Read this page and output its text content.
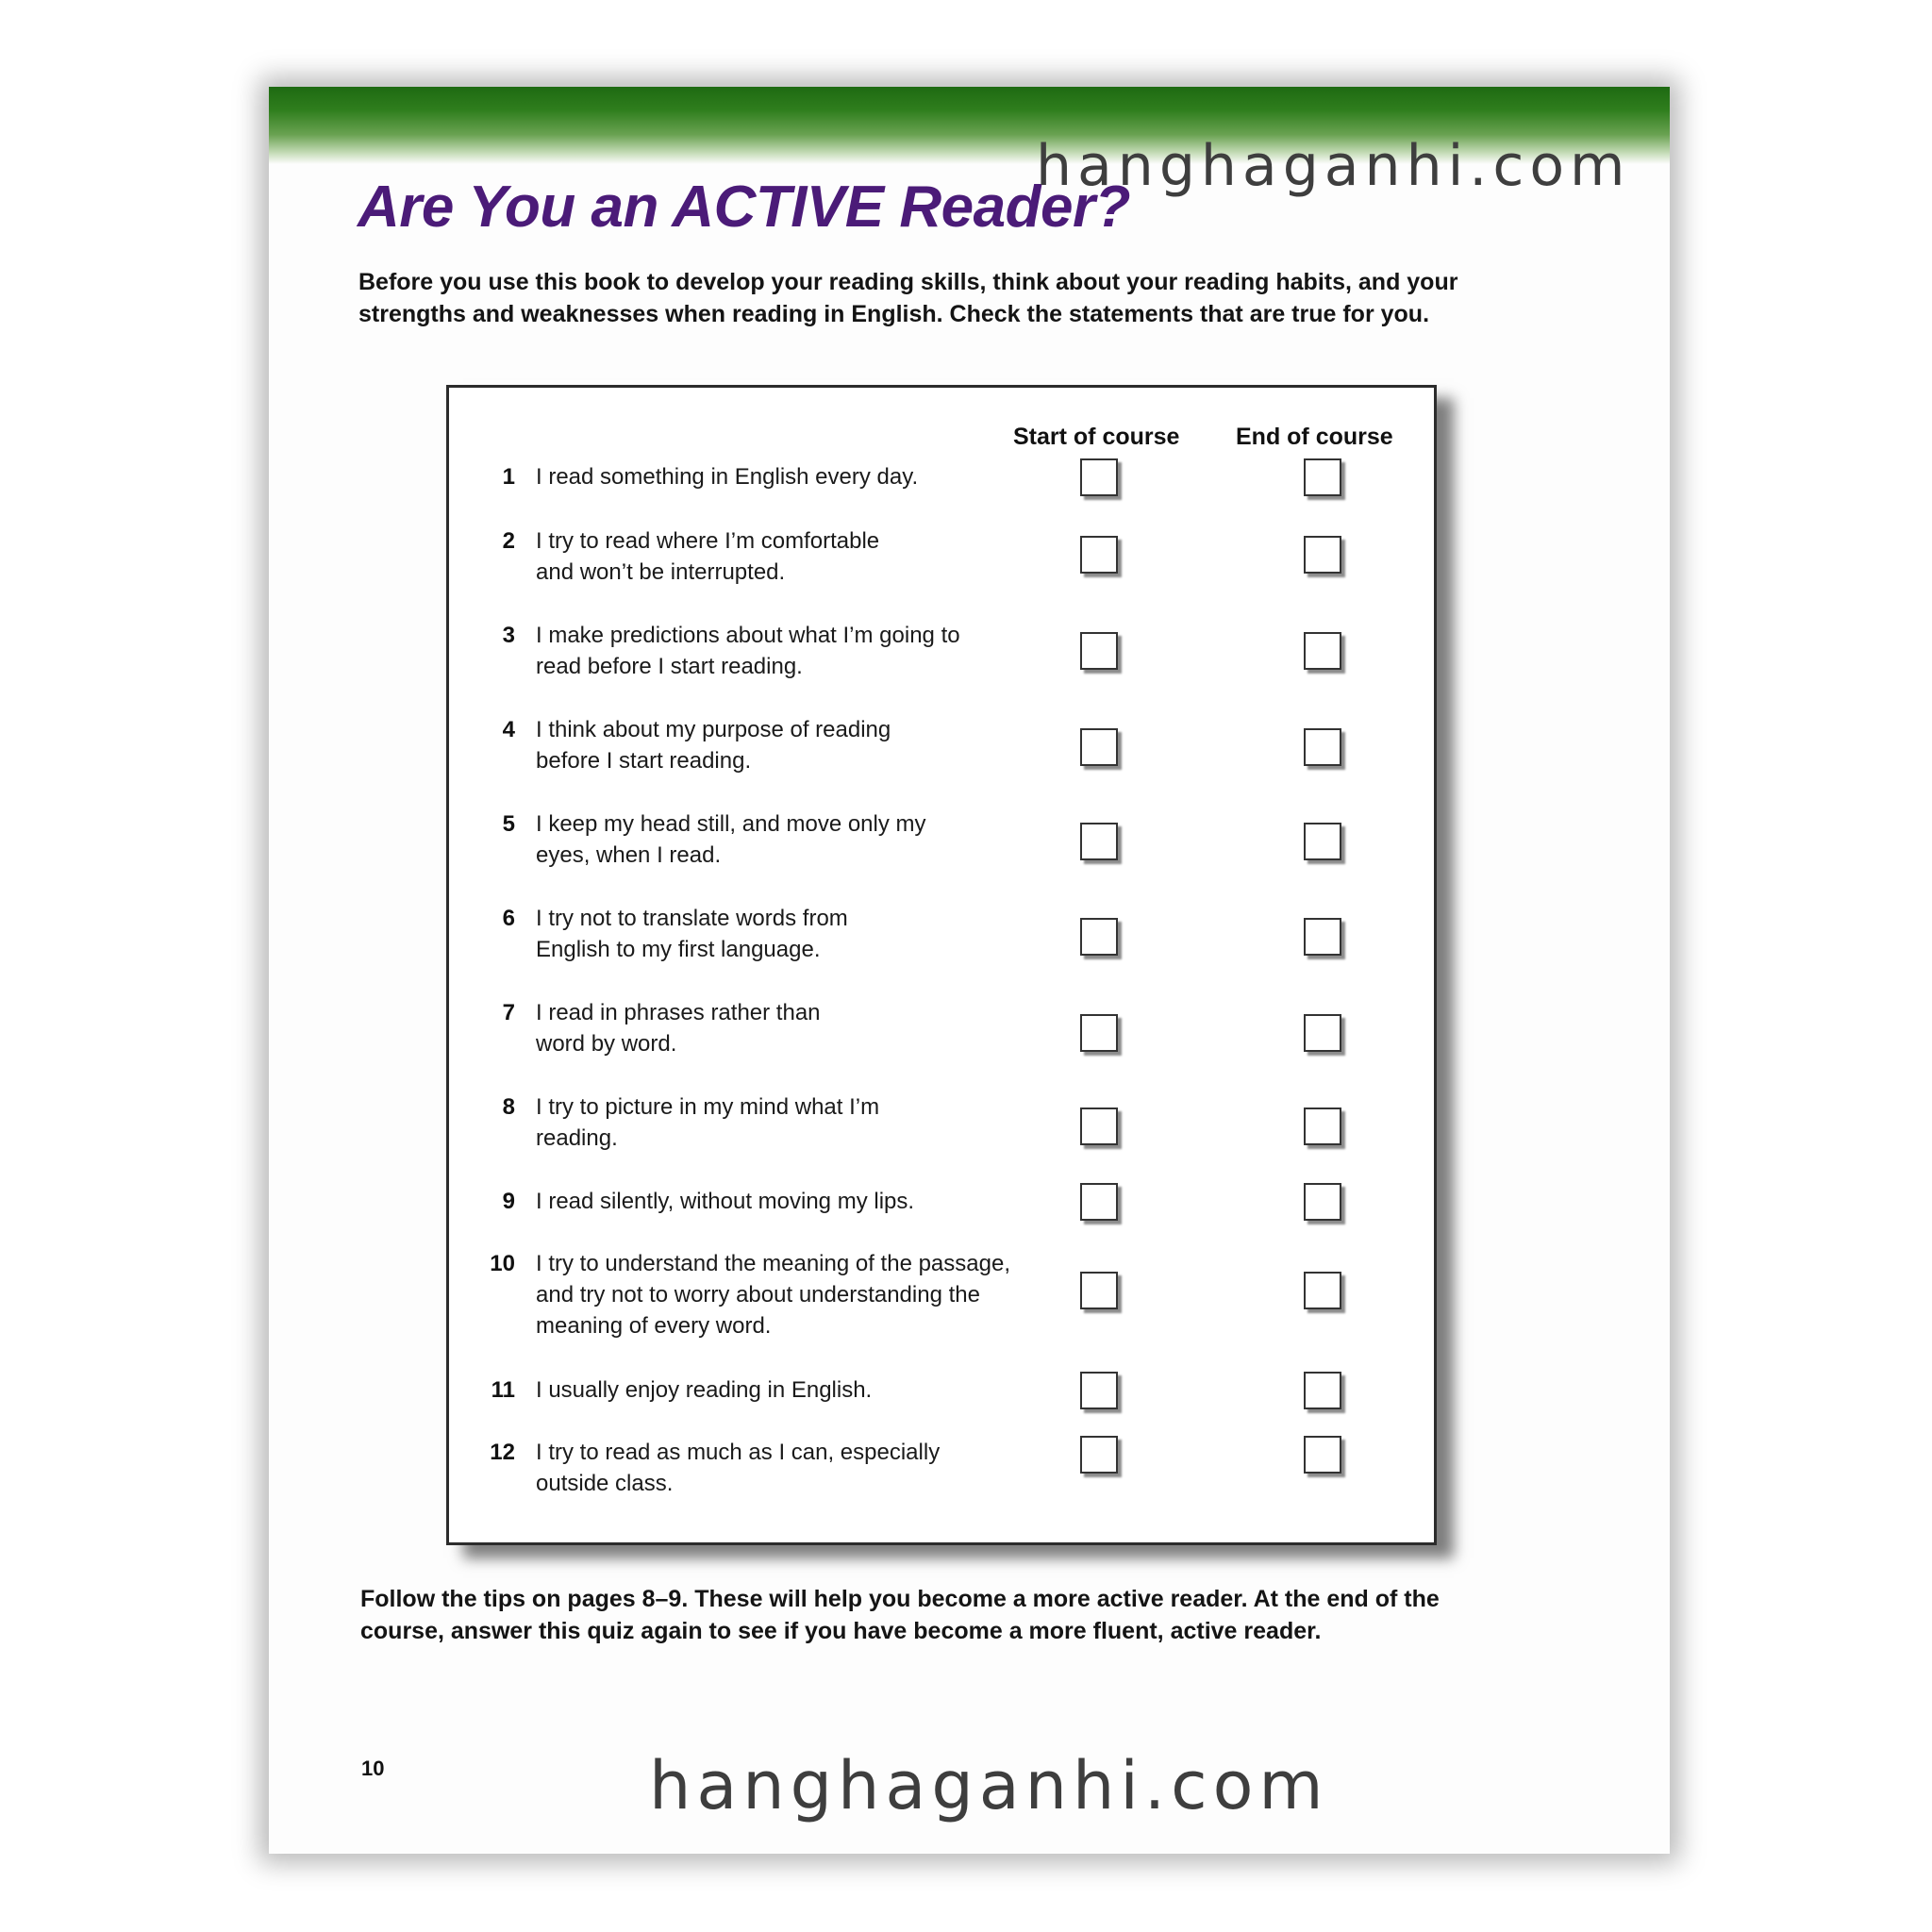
Are You an ACTIVE Reader?

Before you use this book to develop your reading skills, think about your reading habits, and your strengths and weaknesses when reading in English. Check the statements that are true for you.

Start of course End of course
1 I read something in English every day.
2 I try to read where I’m comfortable and won’t be interrupted.
3 I make predictions about what I’m going to read before I start reading.
4 I think about my purpose of reading before I start reading.
5 I keep my head still, and move only my eyes, when I read.
6 I try not to translate words from English to my first language.
7 I read in phrases rather than word by word.
8 I try to picture in my mind what I’m reading.
9 I read silently, without moving my lips.
10 I try to understand the meaning of the passage, and try not to worry about understanding the meaning of every word.
11 I usually enjoy reading in English.
12 I try to read as much as I can, especially outside class.

Follow the tips on pages 8–9. These will help you become a more active reader. At the end of the course, answer this quiz again to see if you have become a more fluent, active reader.

10
hanghaganhi.com
hanghaganhi.com
